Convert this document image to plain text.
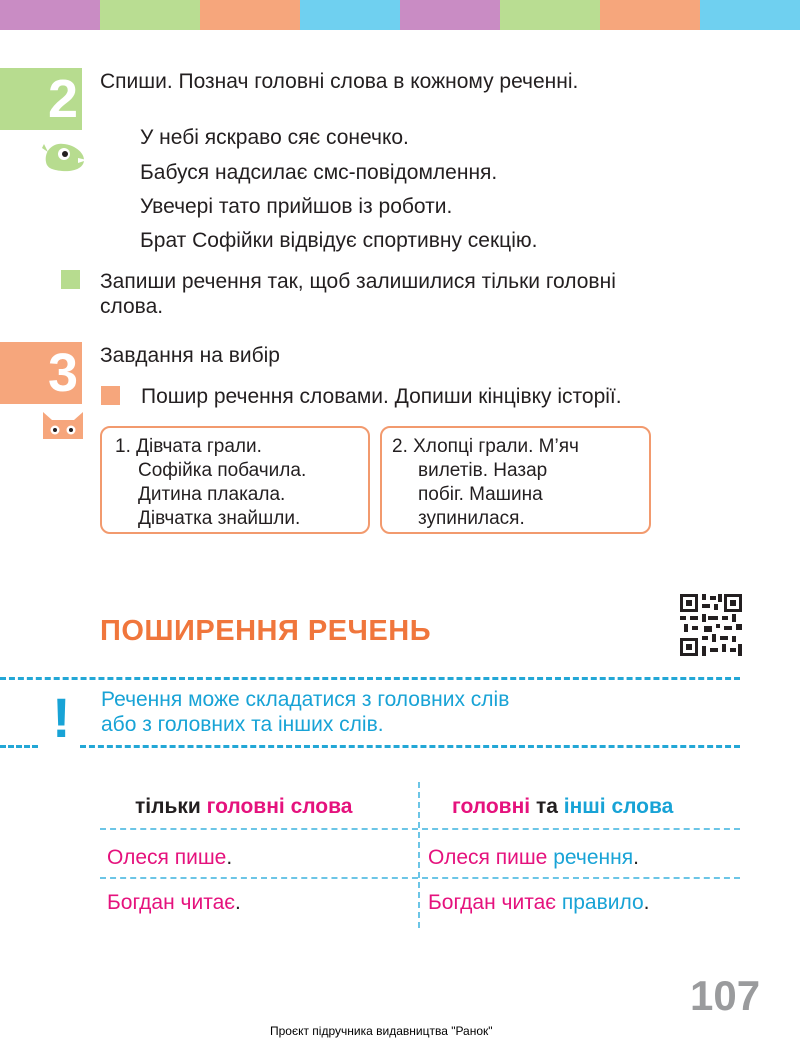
2 Спиши. Познач головні слова в кожному реченні.
У небі яскраво сяє сонечко.
Бабуся надсилає смс-повідомлення.
Увечері тато прийшов із роботи.
Брат Софійки відвідує спортивну секцію.
Запиши речення так, щоб залишилися тільки головні
слова.
3 Завдання на вибір
Пошир речення словами. Допиши кінцівку історії.
1. Дівчата грали.
Софійка побачила.
Дитина плакала.
Дівчатка знайшли.
2. Хлопці грали. М’яч
вилетів. Назар
побіг. Машина
зупинилася.
ПОШИРЕННЯ РЕЧЕНЬ
! Речення може складатися з головних слів
або з головних та інших слів.
тільки головні слова	головні та інші слова
Олеся пише.	Олеся пише речення.
Богдан читає.	Богдан читає правило.
107
Проєкт підручника видавництва "Ранок"
